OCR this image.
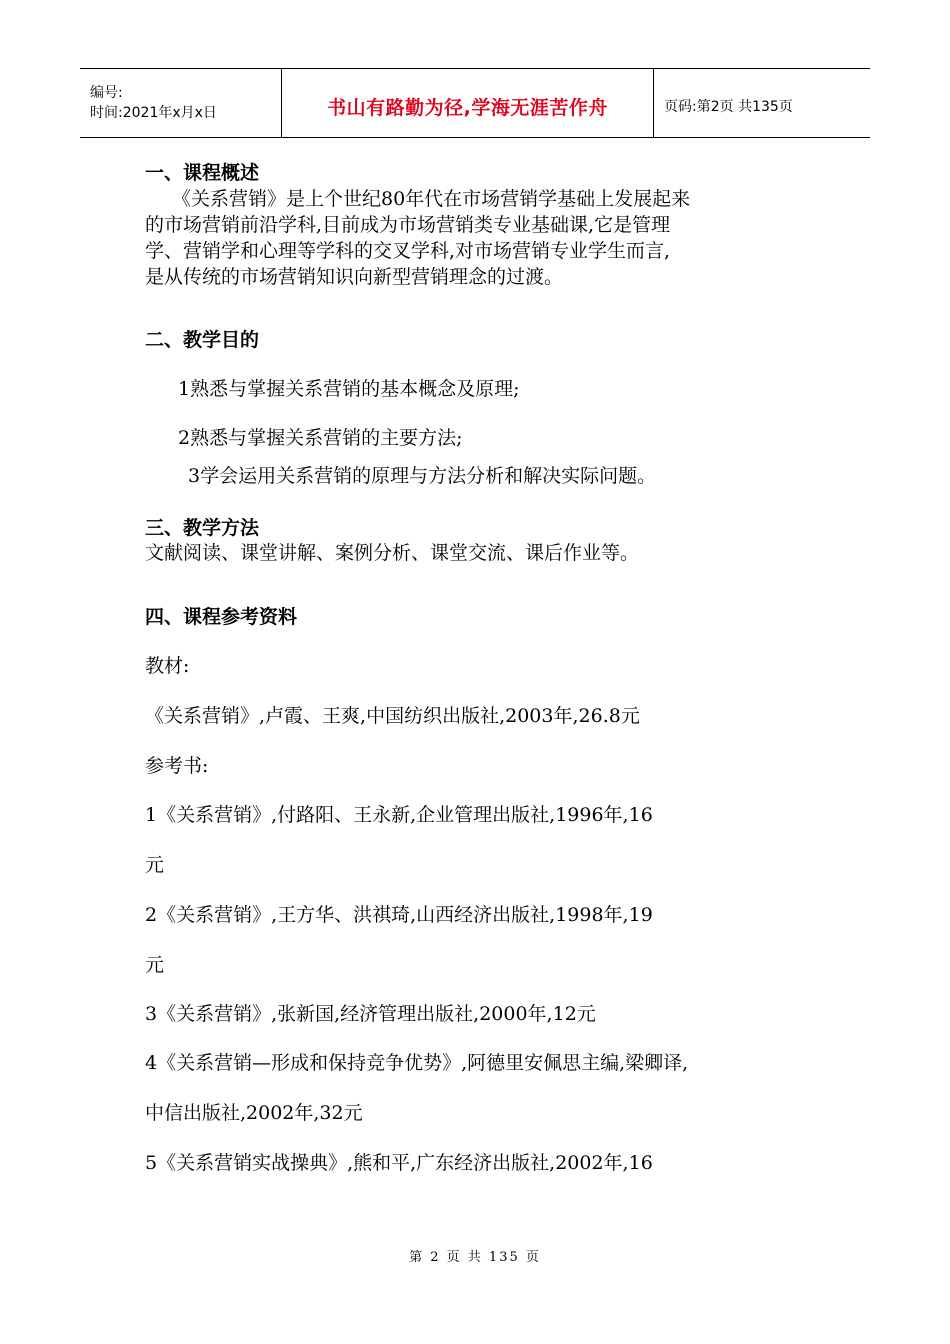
编号:
时间:2021年x月x日	书山有路勤为径,学海无涯苦作舟	页码:第2页 共135页
一、课程概述
《关系营销》是上个世纪80年代在市场营销学基础上发展起来
的市场营销前沿学科,目前成为市场营销类专业基础课,它是管理
学、营销学和心理等学科的交叉学科,对市场营销专业学生而言,
是从传统的市场营销知识向新型营销理念的过渡。
二、教学目的
1熟悉与掌握关系营销的基本概念及原理;
2熟悉与掌握关系营销的主要方法;
3学会运用关系营销的原理与方法分析和解决实际问题。
三、教学方法
文献阅读、课堂讲解、案例分析、课堂交流、课后作业等。
四、课程参考资料
教材:
《关系营销》,卢霞、王爽,中国纺织出版社,2003年,26.8元
参考书:
1《关系营销》,付路阳、王永新,企业管理出版社,1996年,16
元
2《关系营销》,王方华、洪祺琦,山西经济出版社,1998年,19
元
3《关系营销》,张新国,经济管理出版社,2000年,12元
4《关系营销—形成和保持竞争优势》,阿德里安佩思主编,梁卿译,
中信出版社,2002年,32元
5《关系营销实战操典》,熊和平,广东经济出版社,2002年,16
第 2 页 共 135 页
